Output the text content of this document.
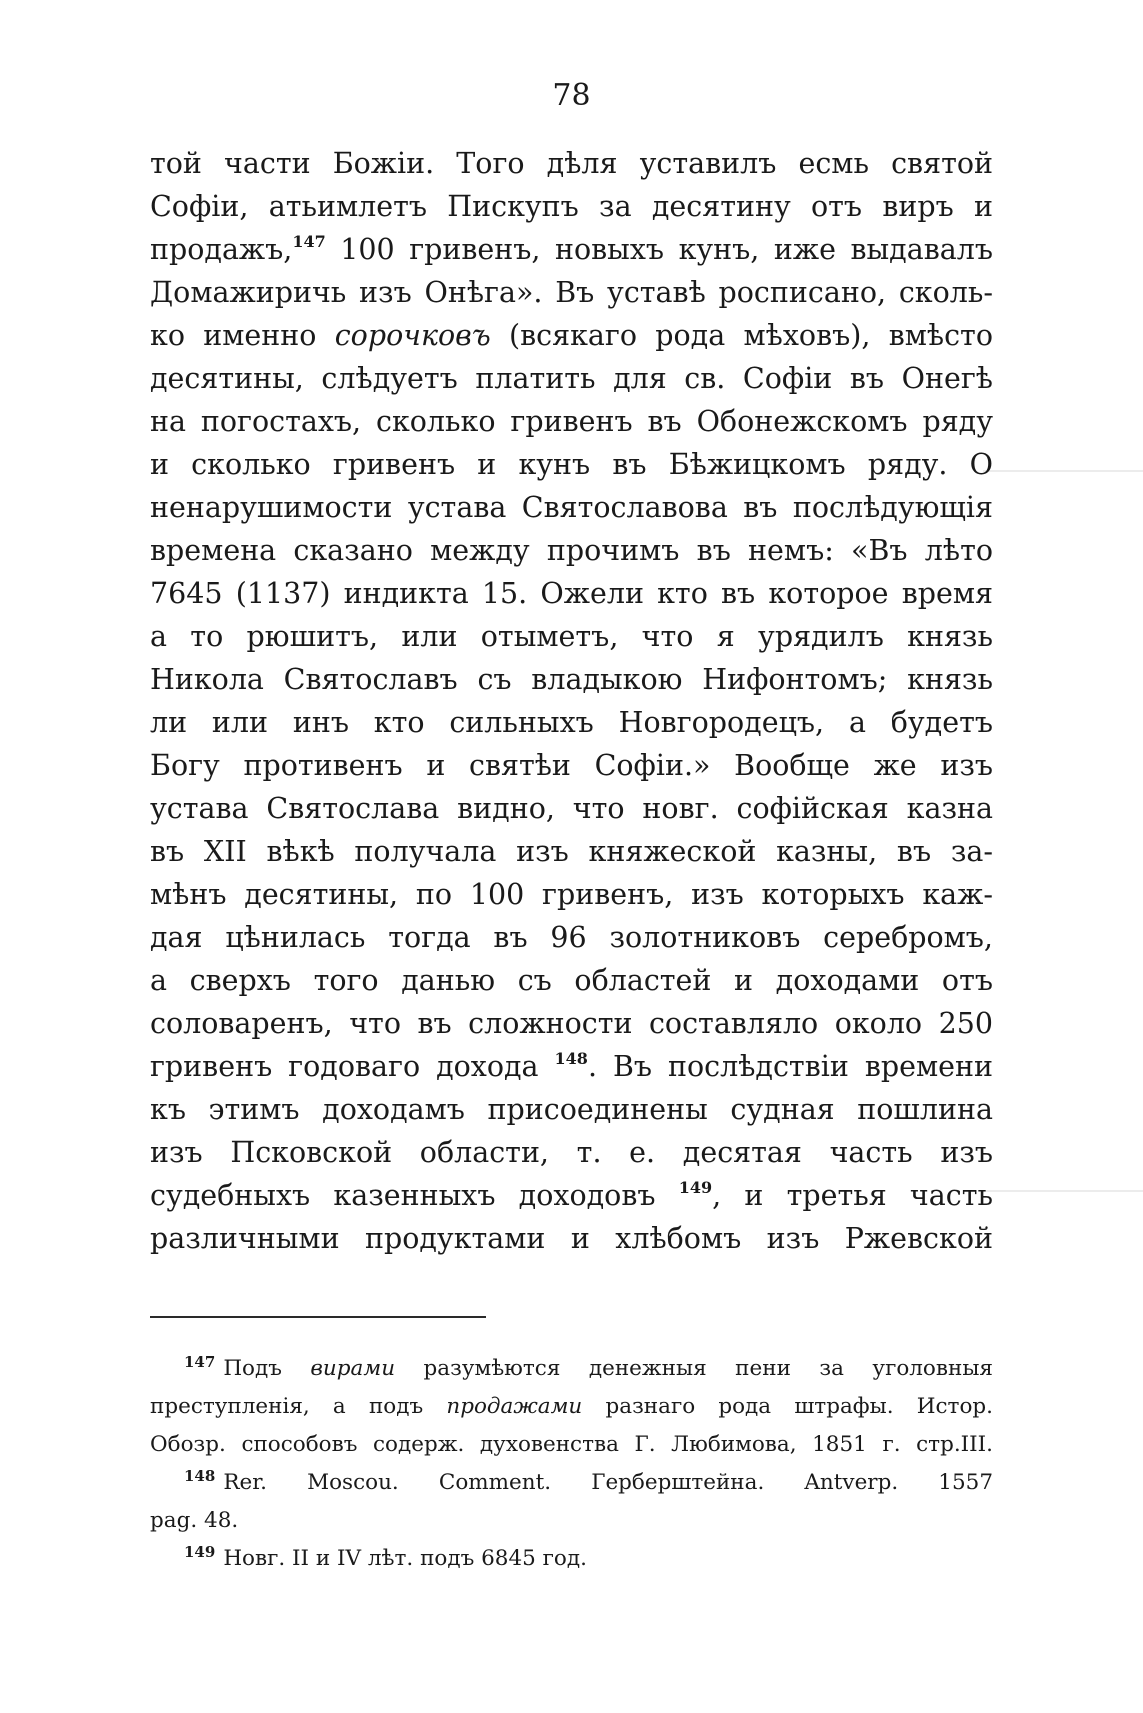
78
той части Божiи. Того дѣля уставилъ есмь святой
Софiи, атьимлетъ Пискупъ за десятину отъ виръ и
продажъ,$^{147}$ 100 гривенъ, новыхъ кунъ, иже выдавалъ
Домажиричь изъ Онѣга». Въ уставѣ росписано, сколь-
ко именно сорочковъ (всякаго рода мѣховъ), вмѣсто
десятины, слѣдуетъ платить для св. Софiи въ Онегѣ
на погостахъ, сколько гривенъ въ Обонежскомъ ряду
и сколько гривенъ и кунъ въ Бѣжицкомъ ряду. О
ненарушимости устава Святославова въ послѣдующiя
времена сказано между прочимъ въ немъ: «Въ лѣто
7645 (1137) индикта 15. Ожели кто въ которое время
а то рюшитъ, или отыметъ, что я урядилъ князь
Никола Святославъ съ владыкою Нифонтомъ; князь
ли или инъ кто сильныхъ Новгородецъ, а будетъ
Богу противенъ и святѣи Софiи.» Вообще же изъ
устава Святослава видно, что новг. софiйская казна
въ XII вѣкѣ получала изъ княжеской казны, въ за-
мѣнъ десятины, по 100 гривенъ, изъ которыхъ каж-
дая цѣнилась тогда въ 96 золотниковъ серебромъ,
а сверхъ того данью съ областей и доходами отъ
соловаренъ, что въ сложности составляло около 250
гривенъ годоваго дохода $^{148}$. Въ послѣдствiи времени
къ этимъ доходамъ присоединены судная пошлина
изъ Псковской области, т. е. десятая часть изъ
судебныхъ казенныхъ доходовъ $^{149}$, и третья часть
различными продуктами и хлѣбомъ изъ Ржевской
$^{147}$ Подъ вирами разумѣются денежныя пени за уголовныя
преступленiя, а подъ продажами разнаго рода штрафы. Истор.
Обозр. способовъ содерж. духовенства Г. Любимова, 1851 г. стр.III.
$^{148}$ Rer. Moscou. Comment. Герберштейна. Antverp. 1557
pag. 48.
$^{149}$ Новг. II и IV лѣт. подъ 6845 год.
